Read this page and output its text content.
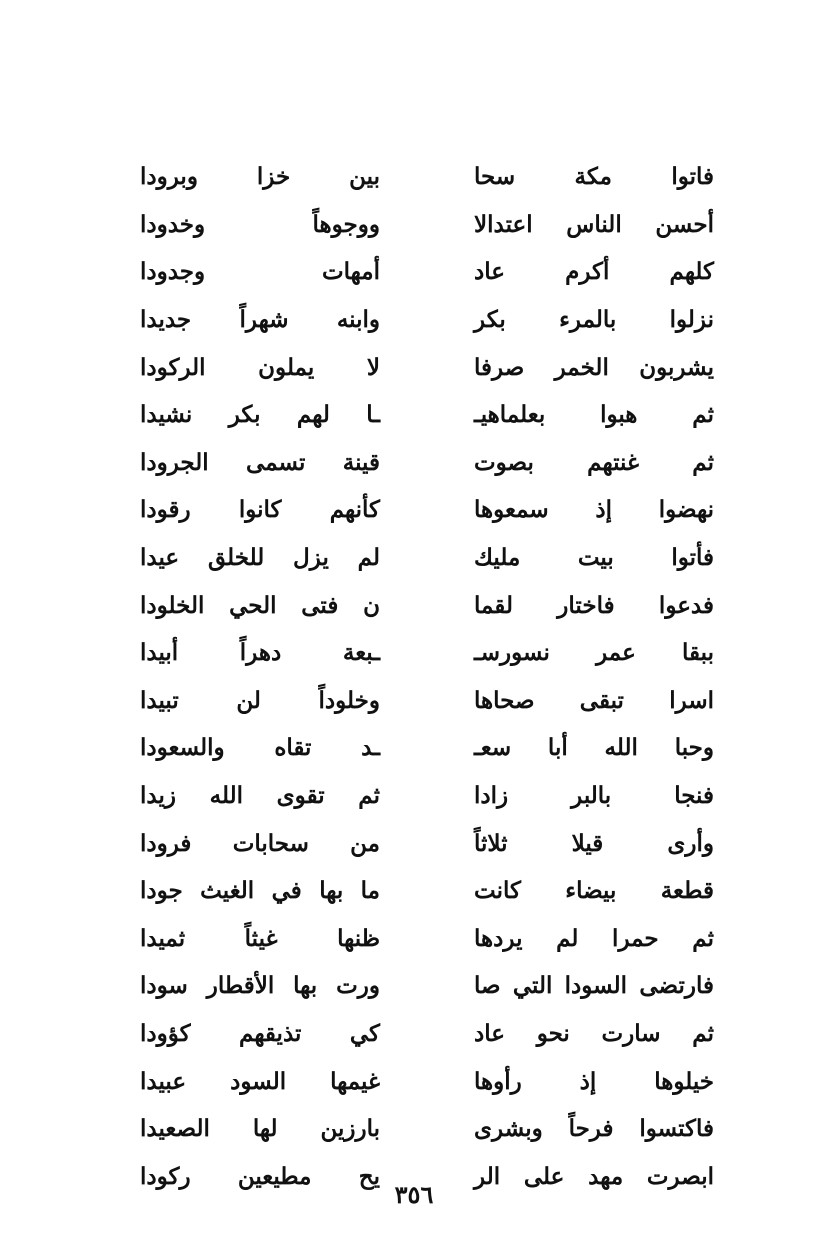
فاتوا مكة سحا
بين خزا وبرودا
أحسن الناس اعتدالا
ووجوهاً وخدودا
كلهم أكرم عاد
أمهات وجدودا
نزلوا بالمرء بكر
وابنه شهراً جديدا
يشربون الخمر صرفا
لا يملون الركودا
ثم هبوا بعلماهيـ
ـا لهم بكر نشيدا
ثم غنتهم بصوت
قينة تسمى الجرودا
نهضوا إذ سمعوها
كأنهم كانوا رقودا
فأتوا بيت مليك
لم يزل للخلق عيدا
فدعوا فاختار لقما
ن فتى الحي الخلودا
ببقا عمر نسورسـ
ـبعة دهراً أبيدا
اسرا تبقى صحاها
وخلوداً لن تبيدا
وحبا الله أبا سعـ
ـد تقاه والسعودا
فنجا بالبر زادا
ثم تقوى الله زيدا
وأرى قيلا ثلاثاً
من سحابات فرودا
قطعة بيضاء كانت
ما بها في الغيث جودا
ثم حمرا لم يردها
ظنها غيثاً ثميدا
فارتضى السودا التي صا
ورت بها الأقطار سودا
ثم سارت نحو عاد
كي تذيقهم كؤودا
خيلوها إذ رأوها
غيمها السود عبيدا
فاكتسوا فرحاً وبشرى
بارزين لها الصعيدا
ابصرت مهد على الر
يح مطيعين ركودا
٣٥٦
